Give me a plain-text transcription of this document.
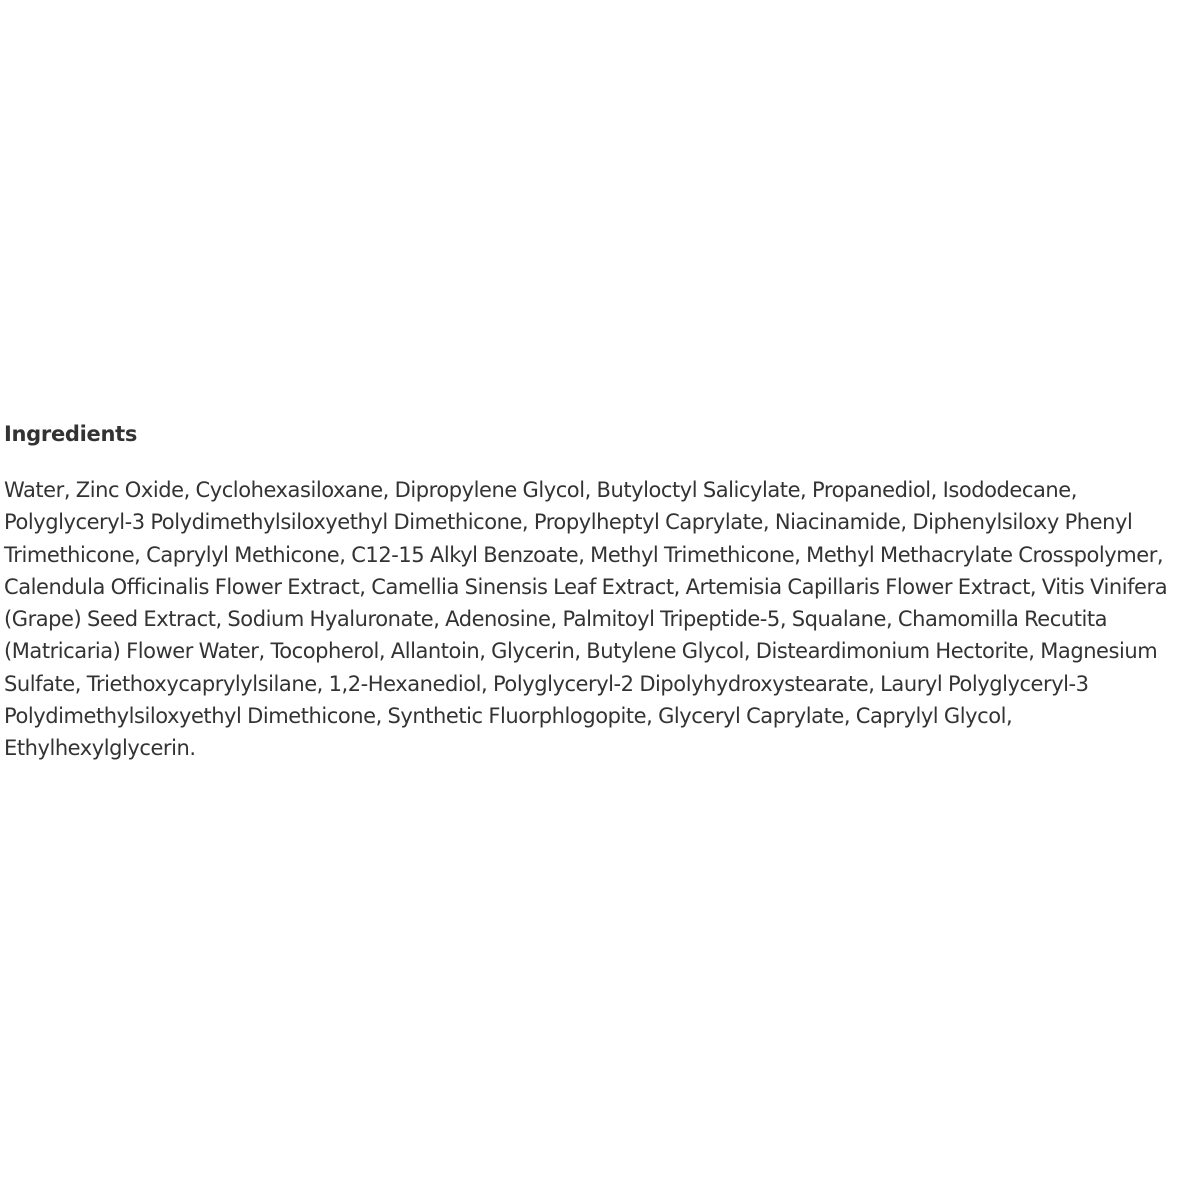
Ingredients

Water, Zinc Oxide, Cyclohexasiloxane, Dipropylene Glycol, Butyloctyl Salicylate, Propanediol, Isododecane, Polyglyceryl-3 Polydimethylsiloxyethyl Dimethicone, Propylheptyl Caprylate, Niacinamide, Diphenylsiloxy Phenyl Trimethicone, Caprylyl Methicone, C12-15 Alkyl Benzoate, Methyl Trimethicone, Methyl Methacrylate Crosspolymer, Calendula Officinalis Flower Extract, Camellia Sinensis Leaf Extract, Artemisia Capillaris Flower Extract, Vitis Vinifera (Grape) Seed Extract, Sodium Hyaluronate, Adenosine, Palmitoyl Tripeptide-5, Squalane, Chamomilla Recutita (Matricaria) Flower Water, Tocopherol, Allantoin, Glycerin, Butylene Glycol, Disteardimonium Hectorite, Magnesium Sulfate, Triethoxycaprylylsilane, 1,2-Hexanediol, Polyglyceryl-2 Dipolyhydroxystearate, Lauryl Polyglyceryl-3 Polydimethylsiloxyethyl Dimethicone, Synthetic Fluorphlogopite, Glyceryl Caprylate, Caprylyl Glycol, Ethylhexylglycerin.
